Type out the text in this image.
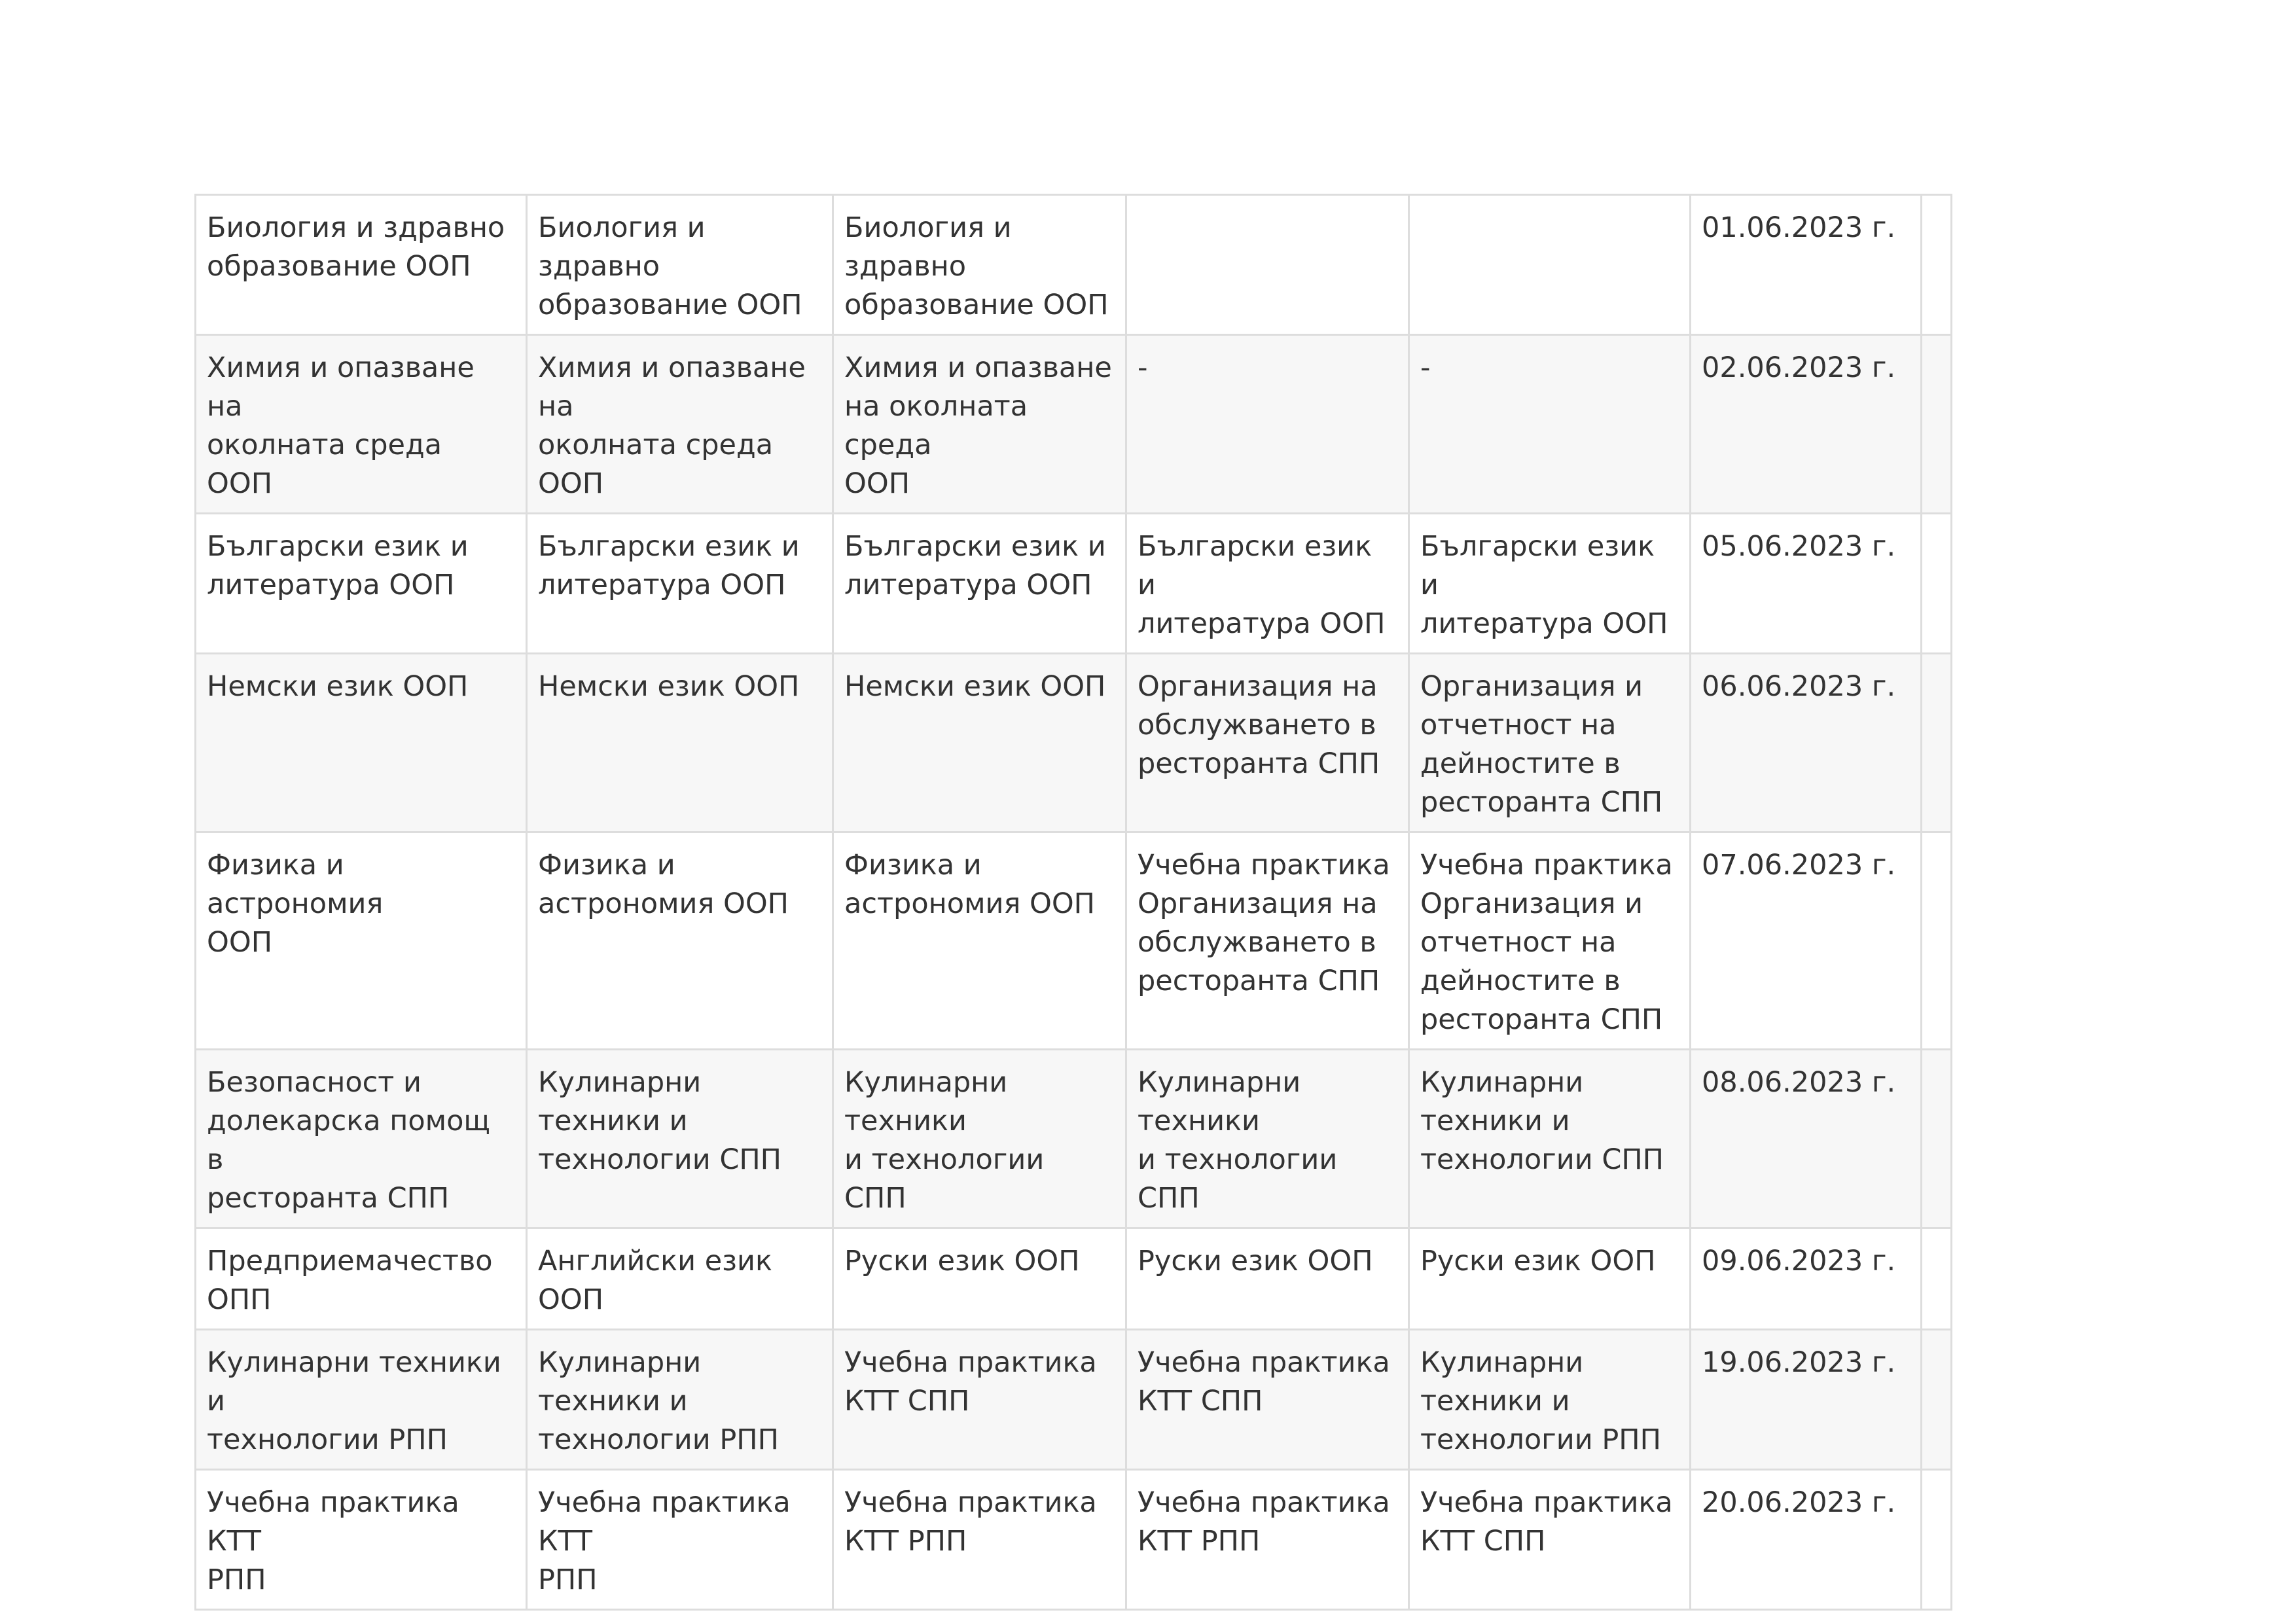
Биология и здравно
образование ООП	Биология и здравно
образование ООП	Биология и здравно
образование ООП			01.06.2023 г.	
Химия и опазване на
околната среда ООП	Химия и опазване на
околната среда ООП	Химия и опазване
на околната среда
ООП	-	-	02.06.2023 г.	
Български език и
литература ООП	Български език и
литература ООП	Български език и
литература ООП	Български език и
литература ООП	Български език и
литература ООП	05.06.2023 г.	
Немски език ООП	Немски език ООП	Немски език ООП	Организация на
обслужването в
ресторанта СПП	Организация и
отчетност на
дейностите в
ресторанта СПП	06.06.2023 г.	
Физика и астрономия
ООП	Физика и
астрономия ООП	Физика и
астрономия ООП	Учебна практика
Организация на
обслужването в
ресторанта СПП	Учебна практика
Организация и
отчетност на
дейностите в
ресторанта СПП	07.06.2023 г.	
Безопасност и
долекарска помощ в
ресторанта СПП	Кулинарни техники и
технологии СПП	Кулинарни техники
и технологии СПП	Кулинарни техники
и технологии СПП	Кулинарни
техники и
технологии СПП	08.06.2023 г.	
Предприемачество
ОПП	Английски език ООП	Руски език ООП	Руски език ООП	Руски език ООП	09.06.2023 г.	
Кулинарни техники и
технологии РПП	Кулинарни техники и
технологии РПП	Учебна практика
КТТ СПП	Учебна практика
КТТ СПП	Кулинарни
техники и
технологии РПП	19.06.2023 г.	
Учебна практика КТТ
РПП	Учебна практика КТТ
РПП	Учебна практика
КТТ РПП	Учебна практика
КТТ РПП	Учебна практика
КТТ СПП	20.06.2023 г.	
